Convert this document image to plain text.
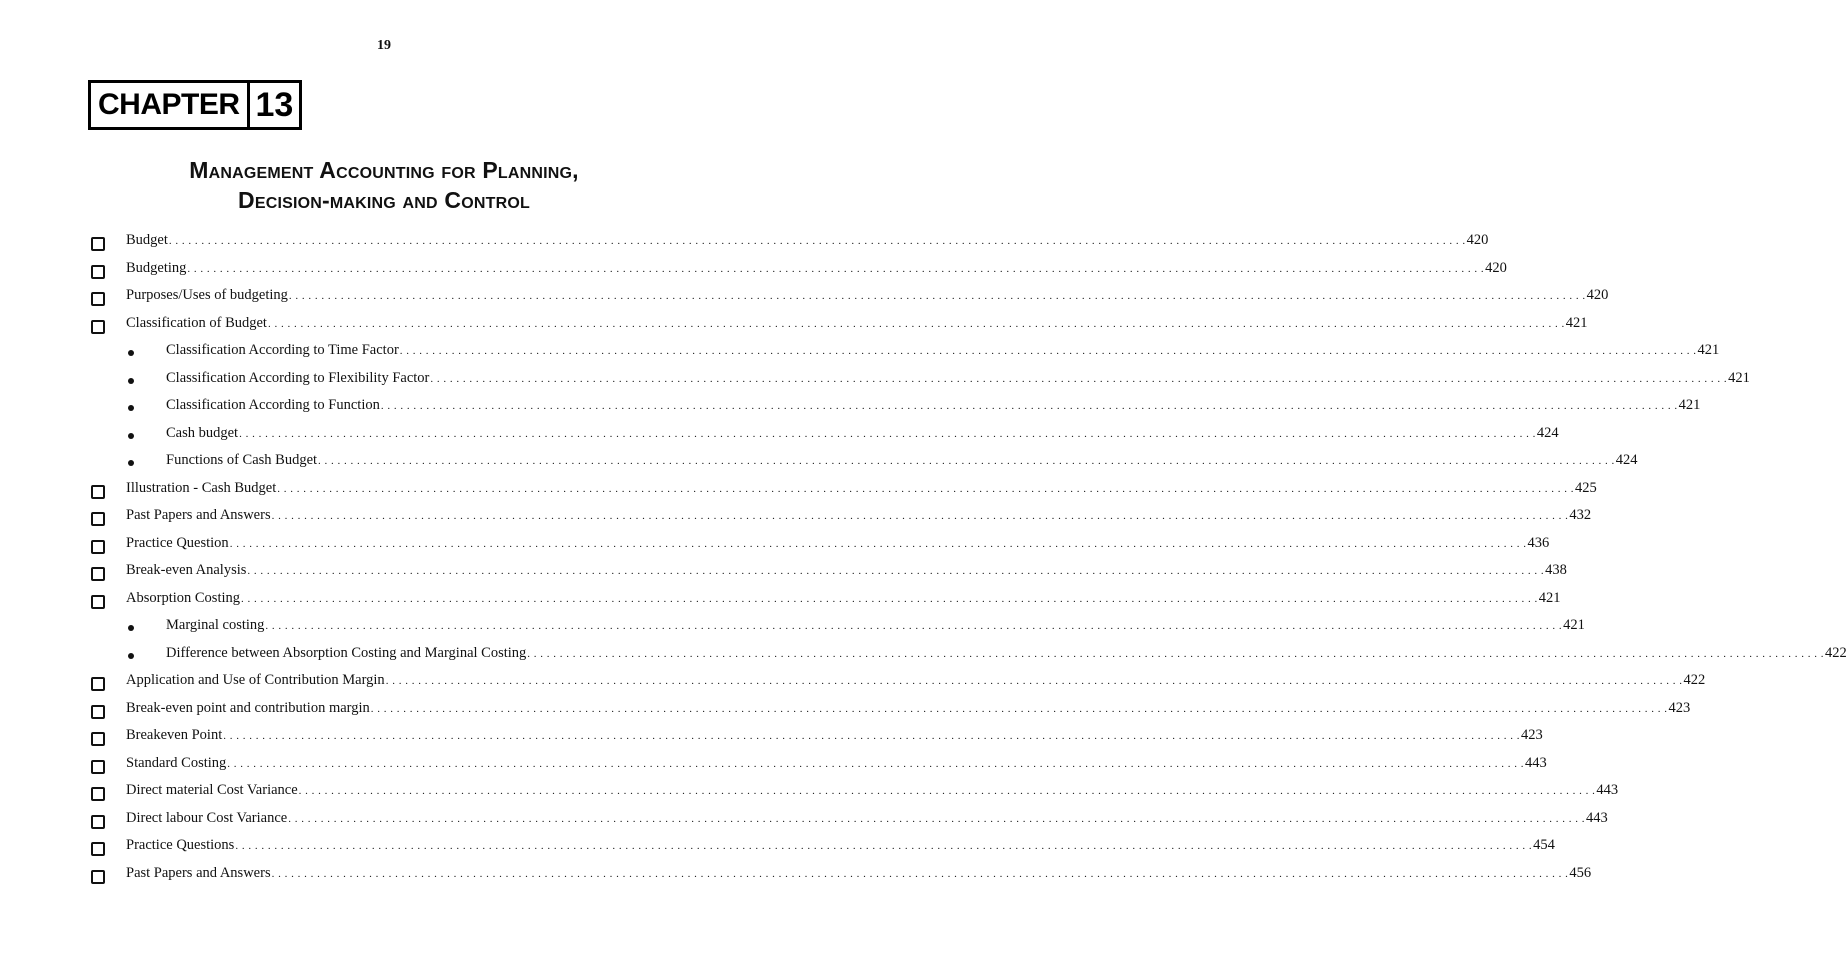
19
CHAPTER 13
Management Accounting for Planning,
Decision-making and Control
Budget . . . . . . . . . . . . . . . . . . . . . . . . . . . . . . . . . . . . . . . . . . . . . . . . . . . . . . . . . . . . . . . . . . . . . . . . . . . . . . . . . . . . . . . . . . . . . . . . . . . . . . . . . . . . . . . . . . . . . . . . . . . . . . . . . . . . . . . . . . . . . . . . . . . . . . . . . . . . . . . . . . . . . . . . . . . . . . . . . . . . . . . . . . . . . . . . . . . . . . . . 420
Budgeting . . . . . . . . . . . . . . . . . . . . . . . . . . . . . . . . . . . . . . . . . . . . . . . . . . . . . . . . . . . . . . . . . . . . . . . . . . . . . . . . . . . . . . . . . . . . . . . . . . . . . . . . . . . . . . . . . . . . . . . . . . . . . . . . . . . . . . . . . . . . . . . . . . . . . . . . . . . . . . . . . . . . . . . . . . . . . . . . . . . . . . . . . . . . . . . . . . . . . . . . 420
Purposes/Uses of budgeting . . . . . . . . . . . . . . . . . . . . . . . . . . . . . . . . . . . . . . . . . . . . . . . . . . . . . . . . . . . . . . . . . . . . . . . . . . . . . . . . . . . . . . . . . . . . . . . . . . . . . . . . . . . . . . . . . . . . . . . . . . . . . . . . . . . . . . . . . . . . . . . . . . . . . . . . . . . . . . . . . . . . . . . . . . . . . . . . . . . . . . . . . . . . . . . . . . . . . . . . 420
Classification of Budget . . . . . . . . . . . . . . . . . . . . . . . . . . . . . . . . . . . . . . . . . . . . . . . . . . . . . . . . . . . . . . . . . . . . . . . . . . . . . . . . . . . . . . . . . . . . . . . . . . . . . . . . . . . . . . . . . . . . . . . . . . . . . . . . . . . . . . . . . . . . . . . . . . . . . . . . . . . . . . . . . . . . . . . . . . . . . . . . . . . . . . . . . . . . . . . . . . . . . . . . 421
Classification According to Time Factor . . . . . . . . . . . . . . . . . . . . . . . . . . . . . . . . . . . . . . . . . . . . . . . . . . . . . . . . . . . . . . . . . . . . . . . . . . . . . . . . . . . . . . . . . . . . . . . . . . . . . . . . . . . . . . . . . . . . . . . . . . . . . . . . . . . . . . . . . . . . . . . . . . . . . . . . . . . . . . . . . . . . . . . . . . . . . . . . . . . . . . . . . . . . . . . . . . . . . . . . 421
Classification According to Flexibility Factor . . . . . . . . . . . . . . . . . . . . . . . . . . . . . . . . . . . . . . . . . . . . . . . . . . . . . . . . . . . . . . . . . . . . . . . . . . . . . . . . . . . . . . . . . . . . . . . . . . . . . . . . . . . . . . . . . . . . . . . . . . . . . . . . . . . . . . . . . . . . . . . . . . . . . . . . . . . . . . . . . . . . . . . . . . . . . . . . . . . . . . . . . . . . . . . . . . . . . . . . 421
Classification According to Function . . . . . . . . . . . . . . . . . . . . . . . . . . . . . . . . . . . . . . . . . . . . . . . . . . . . . . . . . . . . . . . . . . . . . . . . . . . . . . . . . . . . . . . . . . . . . . . . . . . . . . . . . . . . . . . . . . . . . . . . . . . . . . . . . . . . . . . . . . . . . . . . . . . . . . . . . . . . . . . . . . . . . . . . . . . . . . . . . . . . . . . . . . . . . . . . . . . . . . . . 421
Cash budget . . . . . . . . . . . . . . . . . . . . . . . . . . . . . . . . . . . . . . . . . . . . . . . . . . . . . . . . . . . . . . . . . . . . . . . . . . . . . . . . . . . . . . . . . . . . . . . . . . . . . . . . . . . . . . . . . . . . . . . . . . . . . . . . . . . . . . . . . . . . . . . . . . . . . . . . . . . . . . . . . . . . . . . . . . . . . . . . . . . . . . . . . . . . . . . . . . . . . . . . 424
Functions of Cash Budget . . . . . . . . . . . . . . . . . . . . . . . . . . . . . . . . . . . . . . . . . . . . . . . . . . . . . . . . . . . . . . . . . . . . . . . . . . . . . . . . . . . . . . . . . . . . . . . . . . . . . . . . . . . . . . . . . . . . . . . . . . . . . . . . . . . . . . . . . . . . . . . . . . . . . . . . . . . . . . . . . . . . . . . . . . . . . . . . . . . . . . . . . . . . . . . . . . . . . . . . 424
Illustration - Cash Budget . . . . . . . . . . . . . . . . . . . . . . . . . . . . . . . . . . . . . . . . . . . . . . . . . . . . . . . . . . . . . . . . . . . . . . . . . . . . . . . . . . . . . . . . . . . . . . . . . . . . . . . . . . . . . . . . . . . . . . . . . . . . . . . . . . . . . . . . . . . . . . . . . . . . . . . . . . . . . . . . . . . . . . . . . . . . . . . . . . . . . . . . . . . . . . . . . . . . . . . . 425
Past Papers and Answers . . . . . . . . . . . . . . . . . . . . . . . . . . . . . . . . . . . . . . . . . . . . . . . . . . . . . . . . . . . . . . . . . . . . . . . . . . . . . . . . . . . . . . . . . . . . . . . . . . . . . . . . . . . . . . . . . . . . . . . . . . . . . . . . . . . . . . . . . . . . . . . . . . . . . . . . . . . . . . . . . . . . . . . . . . . . . . . . . . . . . . . . . . . . . . . . . . . . . . . . 432
Practice Question . . . . . . . . . . . . . . . . . . . . . . . . . . . . . . . . . . . . . . . . . . . . . . . . . . . . . . . . . . . . . . . . . . . . . . . . . . . . . . . . . . . . . . . . . . . . . . . . . . . . . . . . . . . . . . . . . . . . . . . . . . . . . . . . . . . . . . . . . . . . . . . . . . . . . . . . . . . . . . . . . . . . . . . . . . . . . . . . . . . . . . . . . . . . . . . . . . . . . . . . 436
Break-even Analysis . . . . . . . . . . . . . . . . . . . . . . . . . . . . . . . . . . . . . . . . . . . . . . . . . . . . . . . . . . . . . . . . . . . . . . . . . . . . . . . . . . . . . . . . . . . . . . . . . . . . . . . . . . . . . . . . . . . . . . . . . . . . . . . . . . . . . . . . . . . . . . . . . . . . . . . . . . . . . . . . . . . . . . . . . . . . . . . . . . . . . . . . . . . . . . . . . . . . . . . . 438
Absorption Costing . . . . . . . . . . . . . . . . . . . . . . . . . . . . . . . . . . . . . . . . . . . . . . . . . . . . . . . . . . . . . . . . . . . . . . . . . . . . . . . . . . . . . . . . . . . . . . . . . . . . . . . . . . . . . . . . . . . . . . . . . . . . . . . . . . . . . . . . . . . . . . . . . . . . . . . . . . . . . . . . . . . . . . . . . . . . . . . . . . . . . . . . . . . . . . . . . . . . . . . . 421
Marginal costing . . . . . . . . . . . . . . . . . . . . . . . . . . . . . . . . . . . . . . . . . . . . . . . . . . . . . . . . . . . . . . . . . . . . . . . . . . . . . . . . . . . . . . . . . . . . . . . . . . . . . . . . . . . . . . . . . . . . . . . . . . . . . . . . . . . . . . . . . . . . . . . . . . . . . . . . . . . . . . . . . . . . . . . . . . . . . . . . . . . . . . . . . . . . . . . . . . . . . . . . 421
Difference between Absorption Costing and Marginal Costing . . . . . . . . . . . . . . . . . . . . . . . . . . . . . . . . . . . . . . . . . . . . . . . . . . . . . . . . . . . . . . . . . . . . . . . . . . . . . . . . . . . . . . . . . . . . . . . . . . . . . . . . . . . . . . . . . . . . . . . . . . . . . . . . . . . . . . . . . . . . . . . . . . . . . . . . . . . . . . . . . . . . . . . . . . . . . . . . . . . . . . . . . . . . . . . . . . . . . . . . 422
Application and Use of Contribution Margin . . . . . . . . . . . . . . . . . . . . . . . . . . . . . . . . . . . . . . . . . . . . . . . . . . . . . . . . . . . . . . . . . . . . . . . . . . . . . . . . . . . . . . . . . . . . . . . . . . . . . . . . . . . . . . . . . . . . . . . . . . . . . . . . . . . . . . . . . . . . . . . . . . . . . . . . . . . . . . . . . . . . . . . . . . . . . . . . . . . . . . . . . . . . . . . . . . . . . . . . 422
Break-even point and contribution margin . . . . . . . . . . . . . . . . . . . . . . . . . . . . . . . . . . . . . . . . . . . . . . . . . . . . . . . . . . . . . . . . . . . . . . . . . . . . . . . . . . . . . . . . . . . . . . . . . . . . . . . . . . . . . . . . . . . . . . . . . . . . . . . . . . . . . . . . . . . . . . . . . . . . . . . . . . . . . . . . . . . . . . . . . . . . . . . . . . . . . . . . . . . . . . . . . . . . . . . . 423
Breakeven Point . . . . . . . . . . . . . . . . . . . . . . . . . . . . . . . . . . . . . . . . . . . . . . . . . . . . . . . . . . . . . . . . . . . . . . . . . . . . . . . . . . . . . . . . . . . . . . . . . . . . . . . . . . . . . . . . . . . . . . . . . . . . . . . . . . . . . . . . . . . . . . . . . . . . . . . . . . . . . . . . . . . . . . . . . . . . . . . . . . . . . . . . . . . . . . . . . . . . . . . . 423
Standard Costing . . . . . . . . . . . . . . . . . . . . . . . . . . . . . . . . . . . . . . . . . . . . . . . . . . . . . . . . . . . . . . . . . . . . . . . . . . . . . . . . . . . . . . . . . . . . . . . . . . . . . . . . . . . . . . . . . . . . . . . . . . . . . . . . . . . . . . . . . . . . . . . . . . . . . . . . . . . . . . . . . . . . . . . . . . . . . . . . . . . . . . . . . . . . . . . . . . . . . . . . 443
Direct material Cost Variance . . . . . . . . . . . . . . . . . . . . . . . . . . . . . . . . . . . . . . . . . . . . . . . . . . . . . . . . . . . . . . . . . . . . . . . . . . . . . . . . . . . . . . . . . . . . . . . . . . . . . . . . . . . . . . . . . . . . . . . . . . . . . . . . . . . . . . . . . . . . . . . . . . . . . . . . . . . . . . . . . . . . . . . . . . . . . . . . . . . . . . . . . . . . . . . . . . . . . . . . 443
Direct labour Cost Variance . . . . . . . . . . . . . . . . . . . . . . . . . . . . . . . . . . . . . . . . . . . . . . . . . . . . . . . . . . . . . . . . . . . . . . . . . . . . . . . . . . . . . . . . . . . . . . . . . . . . . . . . . . . . . . . . . . . . . . . . . . . . . . . . . . . . . . . . . . . . . . . . . . . . . . . . . . . . . . . . . . . . . . . . . . . . . . . . . . . . . . . . . . . . . . . . . . . . . . . . 443
Practice Questions . . . . . . . . . . . . . . . . . . . . . . . . . . . . . . . . . . . . . . . . . . . . . . . . . . . . . . . . . . . . . . . . . . . . . . . . . . . . . . . . . . . . . . . . . . . . . . . . . . . . . . . . . . . . . . . . . . . . . . . . . . . . . . . . . . . . . . . . . . . . . . . . . . . . . . . . . . . . . . . . . . . . . . . . . . . . . . . . . . . . . . . . . . . . . . . . . . . . . . . . 454
Past Papers and Answers . . . . . . . . . . . . . . . . . . . . . . . . . . . . . . . . . . . . . . . . . . . . . . . . . . . . . . . . . . . . . . . . . . . . . . . . . . . . . . . . . . . . . . . . . . . . . . . . . . . . . . . . . . . . . . . . . . . . . . . . . . . . . . . . . . . . . . . . . . . . . . . . . . . . . . . . . . . . . . . . . . . . . . . . . . . . . . . . . . . . . . . . . . . . . . . . . . . . . . . . 456
